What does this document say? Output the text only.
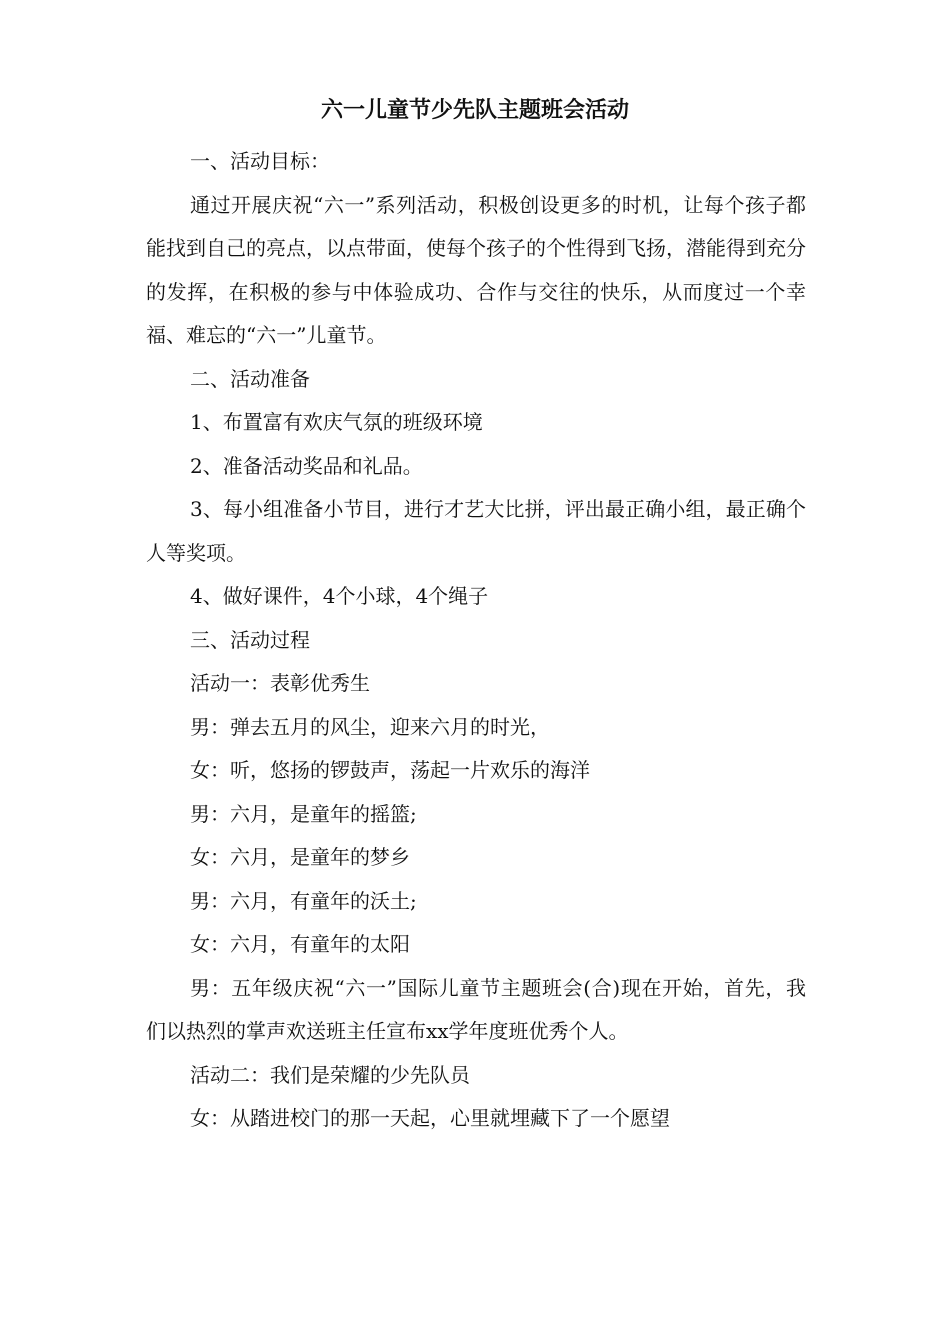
六一儿童节少先队主题班会活动

一、活动目标：

通过开展庆祝“六一”系列活动，积极创设更多的时机，让每个孩子都能找到自己的亮点，以点带面，使每个孩子的个性得到飞扬，潜能得到充分的发挥，在积极的参与中体验成功、合作与交往的快乐，从而度过一个幸福、难忘的“六一”儿童节。

二、活动准备

1、布置富有欢庆气氛的班级环境

2、准备活动奖品和礼品。

3、每小组准备小节目，进行才艺大比拼，评出最正确小组，最正确个人等奖项。

4、做好课件，4个小球，4个绳子

三、活动过程

活动一：表彰优秀生

男：弹去五月的风尘，迎来六月的时光，

女：听，悠扬的锣鼓声，荡起一片欢乐的海洋

男：六月，是童年的摇篮;

女：六月，是童年的梦乡

男：六月，有童年的沃土;

女：六月，有童年的太阳

男：五年级庆祝“六一”国际儿童节主题班会(合)现在开始，首先，我们以热烈的掌声欢送班主任宣布xx学年度班优秀个人。

活动二：我们是荣耀的少先队员

女：从踏进校门的那一天起，心里就埋藏下了一个愿望
